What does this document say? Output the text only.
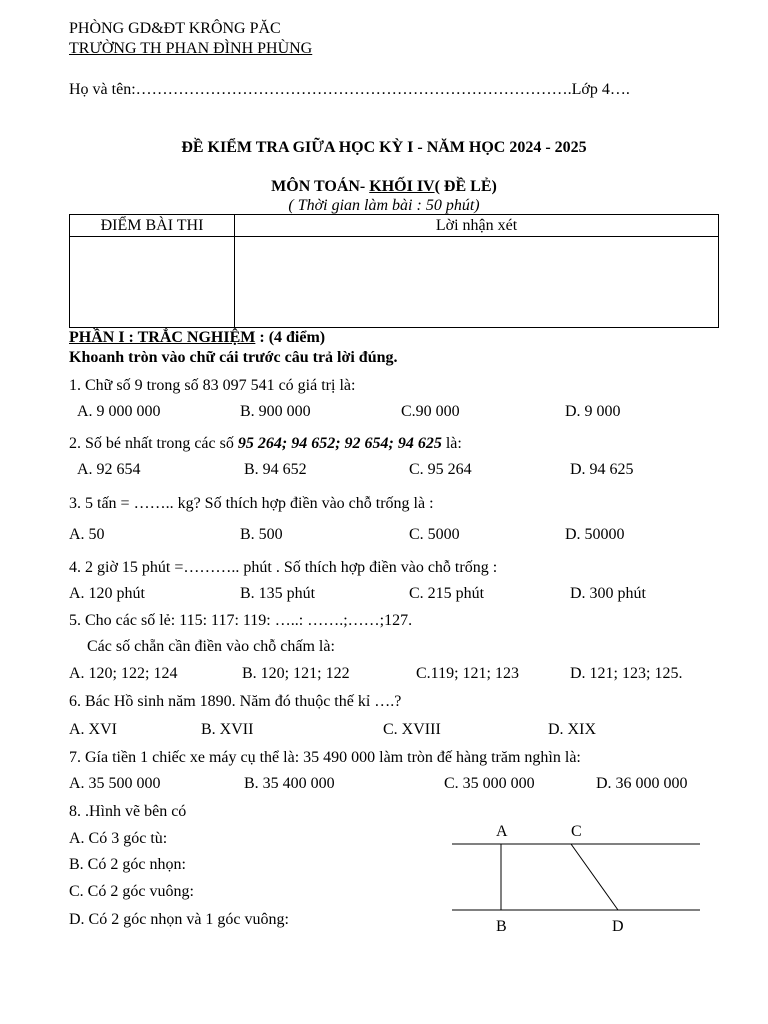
PHÒNG GD&ĐT KRÔNG PĂC
TRƯỜNG TH PHAN ĐÌNH PHÙNG
Họ và tên:……………………………………………………………………….Lớp 4….
ĐỀ KIỂM TRA GIỮA HỌC KỲ I - NĂM HỌC 2024 - 2025
MÔN TOÁN- KHỐI IV( ĐỀ LẺ)
( Thời gian làm bài : 50 phút)
ĐIỂM BÀI THI	Lời nhận xét
PHẦN I : TRẮC NGHIỆM : (4 điểm)
Khoanh tròn vào chữ cái trước câu trả lời đúng.
1. Chữ số 9 trong số 83 097 541 có giá trị là:
A. 9 000 000	B. 900 000	C.90 000	D. 9 000
2. Số bé nhất trong các số 95 264; 94 652; 92 654; 94 625 là:
A. 92 654	B. 94 652	C. 95 264	D. 94 625
3. 5 tấn = …….. kg? Số thích hợp điền vào chỗ trống là :
A. 50	B. 500	C. 5000	D. 50000
4. 2 giờ 15 phút =……….. phút . Số thích hợp điền vào chỗ trống :
A. 120 phút	B. 135 phút	C. 215 phút	D. 300 phút
5. Cho các số lẻ: 115: 117: 119: …..: …….;……;127.
Các số chẵn cần điền vào chỗ chấm là:
A. 120; 122; 124	B. 120; 121; 122	C.119; 121; 123	D. 121; 123; 125.
6. Bác Hồ sinh năm 1890. Năm đó thuộc thế kỉ ….?
A. XVI	B. XVII	C. XVIII	D. XIX
7. Gía tiền 1 chiếc xe máy cụ thể là: 35 490 000 làm tròn đế hàng trăm nghìn là:
A. 35 500 000	B. 35 400 000	C. 35 000 000	D. 36 000 000
8. .Hình vẽ bên có
A. Có 3 góc tù:
B. Có 2 góc nhọn:
C. Có 2 góc vuông:
D. Có 2 góc nhọn và 1 góc vuông:
A	C
B	D
